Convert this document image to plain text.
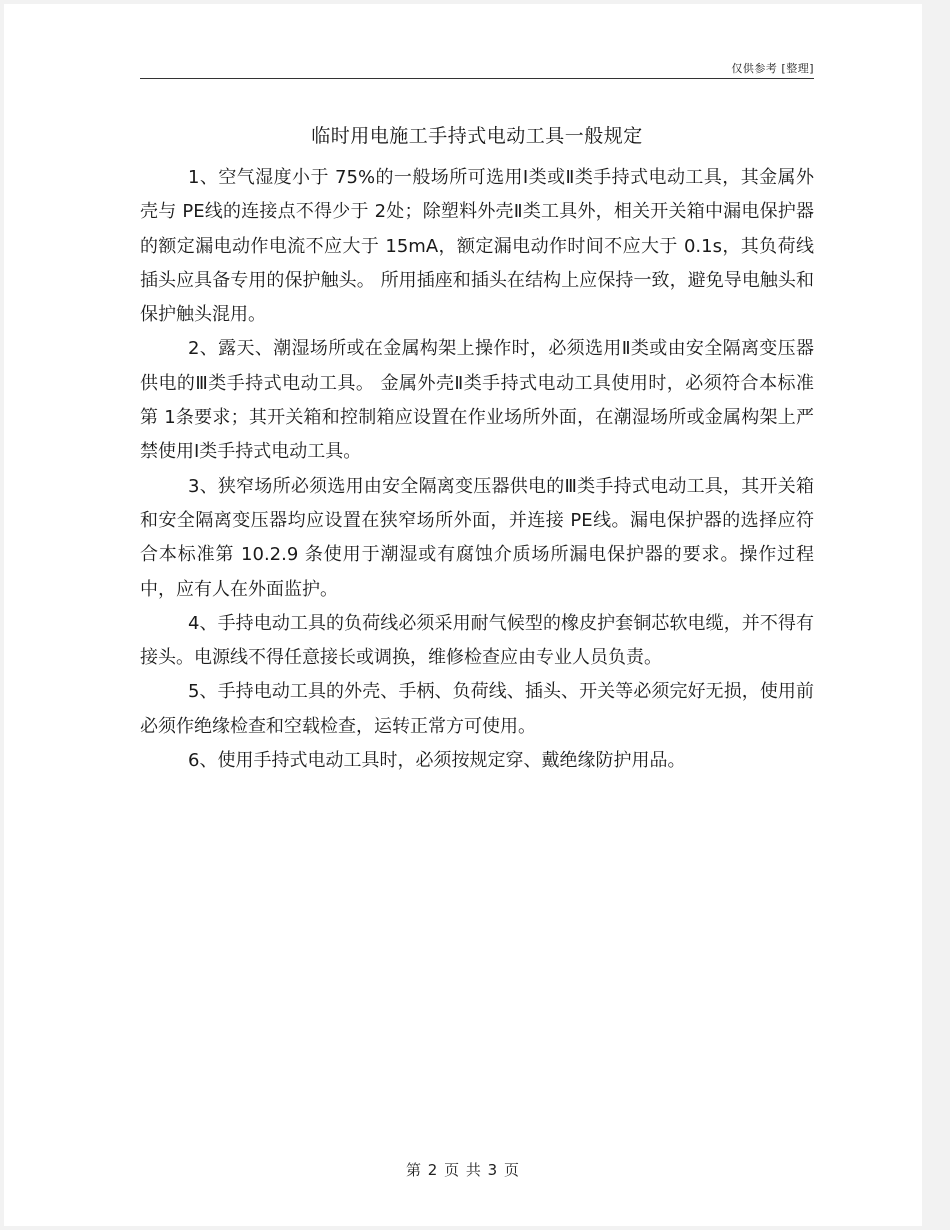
仅供参考 [整理]
临时用电施工手持式电动工具一般规定

1、空气湿度小于 75%的一般场所可选用Ⅰ类或Ⅱ类手持式电动工具，其金属外壳与 PE线的连接点不得少于 2处；除塑料外壳Ⅱ类工具外，相关开关箱中漏电保护器的额定漏电动作电流不应大于 15mA，额定漏电动作时间不应大于 0.1s，其负荷线插头应具备专用的保护触头。 所用插座和插头在结构上应保持一致，避免导电触头和保护触头混用。

2、露天、潮湿场所或在金属构架上操作时，必须选用Ⅱ类或由安全隔离变压器供电的Ⅲ类手持式电动工具。 金属外壳Ⅱ类手持式电动工具使用时，必须符合本标准第 1条要求；其开关箱和控制箱应设置在作业场所外面，在潮湿场所或金属构架上严禁使用Ⅰ类手持式电动工具。

3、狭窄场所必须选用由安全隔离变压器供电的Ⅲ类手持式电动工具，其开关箱和安全隔离变压器均应设置在狭窄场所外面，并连接 PE线。漏电保护器的选择应符合本标准第 10.2.9 条使用于潮湿或有腐蚀介质场所漏电保护器的要求。操作过程中，应有人在外面监护。

4、手持电动工具的负荷线必须采用耐气候型的橡皮护套铜芯软电缆，并不得有接头。电源线不得任意接长或调换，维修检查应由专业人员负责。

5、手持电动工具的外壳、手柄、负荷线、插头、开关等必须完好无损，使用前必须作绝缘检查和空载检查，运转正常方可使用。

6、使用手持式电动工具时，必须按规定穿、戴绝缘防护用品。

第 2 页 共 3 页
